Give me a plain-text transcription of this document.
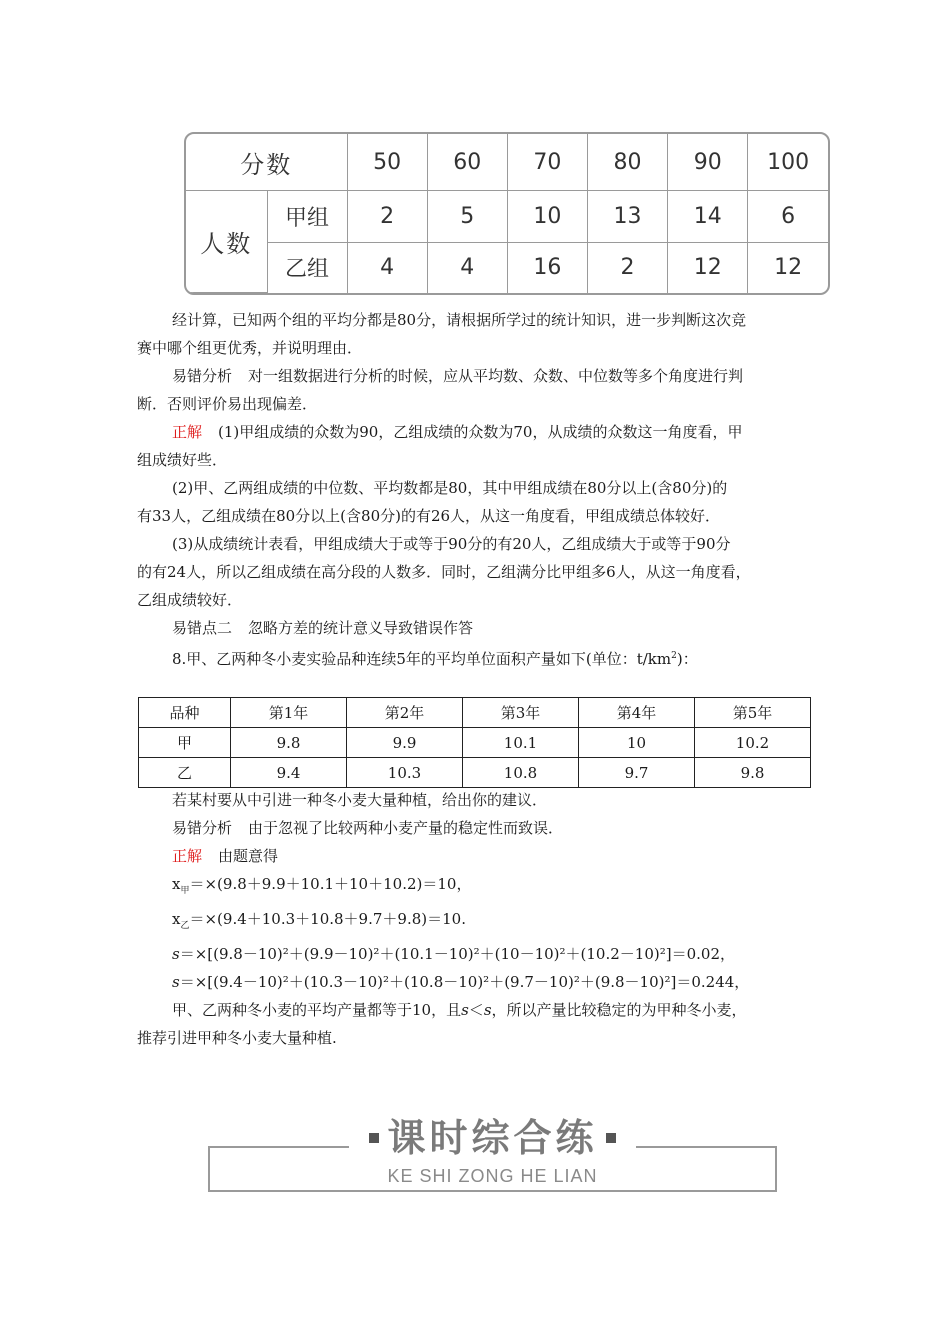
分数		50	60	70	80	90	100
人数	甲组	2	5	10	13	14	6
	乙组	4	4	16	2	12	12
经计算，已知两个组的平均分都是80分，请根据所学过的统计知识，进一步判断这次竞
赛中哪个组更优秀，并说明理由．
易错分析 对一组数据进行分析的时候，应从平均数、众数、中位数等多个角度进行判
断．否则评价易出现偏差．
正解 (1)甲组成绩的众数为90，乙组成绩的众数为70，从成绩的众数这一角度看，甲
组成绩好些．
(2)甲、乙两组成绩的中位数、平均数都是80，其中甲组成绩在80分以上(含80分)的
有33人，乙组成绩在80分以上(含80分)的有26人，从这一角度看，甲组成绩总体较好．
(3)从成绩统计表看，甲组成绩大于或等于90分的有20人，乙组成绩大于或等于90分
的有24人，所以乙组成绩在高分段的人数多．同时，乙组满分比甲组多6人，从这一角度看，
乙组成绩较好．
易错点二 忽略方差的统计意义导致错误作答
8.甲、乙两种冬小麦实验品种连续5年的平均单位面积产量如下(单位：$t/km^2$)：
品种	第1年	第2年	第3年	第4年	第5年
甲	9.8	9.9	10.1	10	10.2
乙	9.4	10.3	10.8	9.7	9.8
若某村要从中引进一种冬小麦大量种植，给出你的建议．
易错分析 由于忽视了比较两种小麦产量的稳定性而致误．
正解 由题意得
$x_甲=\times(9.8+9.9+10.1+10+10.2)=10$，
$x_乙=\times(9.4+10.3+10.8+9.7+9.8)=10$.
s＝×[(9.8－10)²＋(9.9－10)²＋(10.1－10)²＋(10－10)²＋(10.2－10)²]＝0.02，
s＝×[(9.4－10)²＋(10.3－10)²＋(10.8－10)²＋(9.7－10)²＋(9.8－10)²]＝0.244，
甲、乙两种冬小麦的平均产量都等于10，且s＜s，所以产量比较稳定的为甲种冬小麦，
推荐引进甲种冬小麦大量种植.
课时综合练
KE SHI ZONG HE LIAN
